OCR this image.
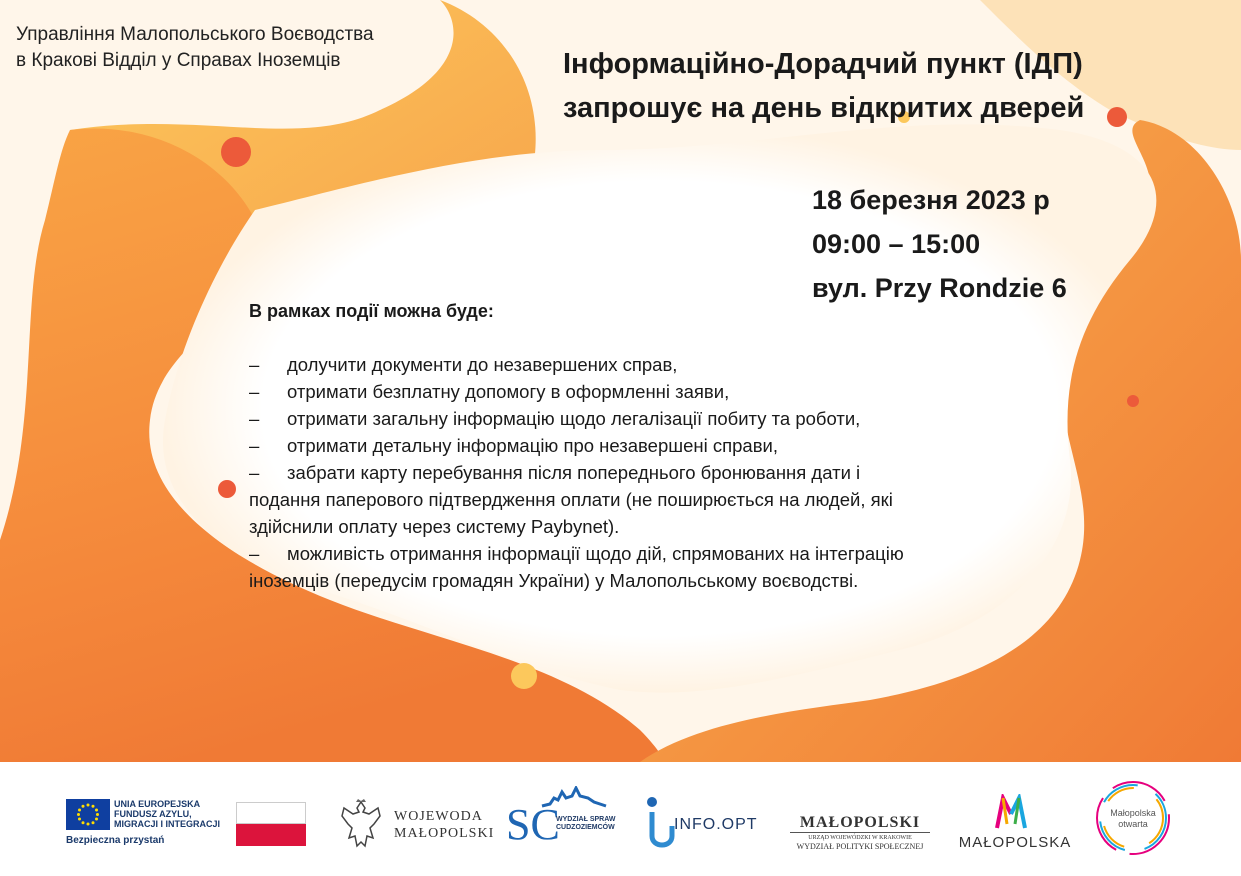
Управління Малопольського Воєводства
в Кракові Відділ у Справах Іноземців	Інформаційно-Дорадчий пункт (ІДП)
запрошує на день відкритих дверей
18 березня 2023 р
09:00 – 15:00
вул. Przy Rondzie 6

В рамках події можна буде:

– долучити документи до незавершених справ,
– отримати безплатну допомогу в оформленні заяви,
– отримати загальну інформацію щодо легалізації побиту та роботи,
– отримати детальну інформацію про незавершені справи,
– забрати карту перебування після попереднього бронювання дати і
подання паперового підтвердження оплати (не поширюється на людей, які
здійснили оплату через систему Paybynet).
– можливість отримання інформації щодо дій, спрямованих на інтеграцію
іноземців (передусім громадян України) у Малопольському воєводстві.
UNIA EUROPEJSKA
FUNDUSZ AZYLU,
MIGRACJI I INTEGRACJI
Bezpieczna przystań
WOJEWODA
MAŁOPOLSKI SC
WYDZIAŁ SPRAW
CUDZOZIEMCÓW	INFO.OPT	MAŁOPOLSKI
URZĄD WOJEWÓDZKI W KRAKOWIE
WYDZIAŁ POLITYKI SPOŁECZNEJ	MAŁOPOLSKA
Małopolska
otwarta
